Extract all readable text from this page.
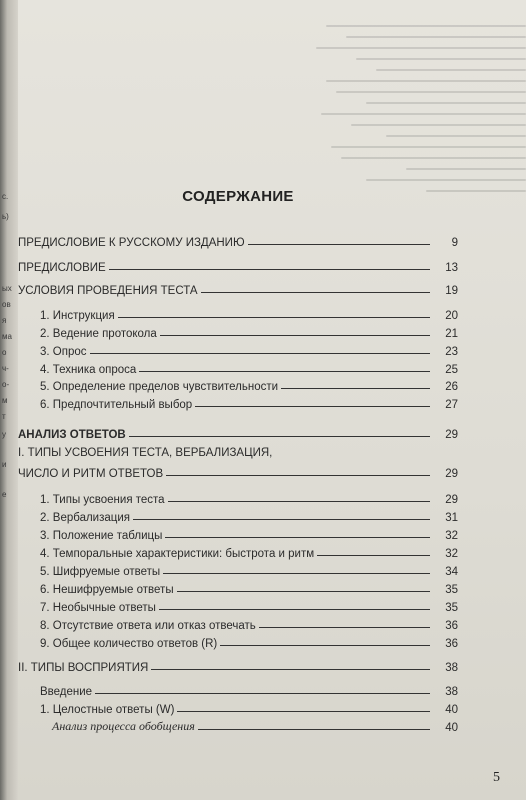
с.
ь)
ых
ов
я
ма
о
ч-
о-
м
т
у
и
е
СОДЕРЖАНИЕ
ПРЕДИСЛОВИЕ К РУССКОМУ ИЗДАНИЮ	9
ПРЕДИСЛОВИЕ	13
УСЛОВИЯ ПРОВЕДЕНИЯ ТЕСТА	19
1. Инструкция	20
2. Ведение протокола	21
3. Опрос	23
4. Техника опроса	25
5. Определение пределов чувствительности	26
6. Предпочтительный выбор	27
АНАЛИЗ ОТВЕТОВ	29
I. ТИПЫ УСВОЕНИЯ ТЕСТА, ВЕРБАЛИЗАЦИЯ,
ЧИСЛО И РИТМ ОТВЕТОВ	29
1. Типы усвоения теста	29
2. Вербализация	31
3. Положение таблицы	32
4. Темпоральные характеристики: быстрота и ритм	32
5. Шифруемые ответы	34
6. Нешифруемые ответы	35
7. Необычные ответы	35
8. Отсутствие ответа или отказ отвечать	36
9. Общее количество ответов (R)	36
II. ТИПЫ ВОСПРИЯТИЯ	38
Введение	38
1. Целостные ответы (W)	40
Анализ процесса обобщения	40
5
